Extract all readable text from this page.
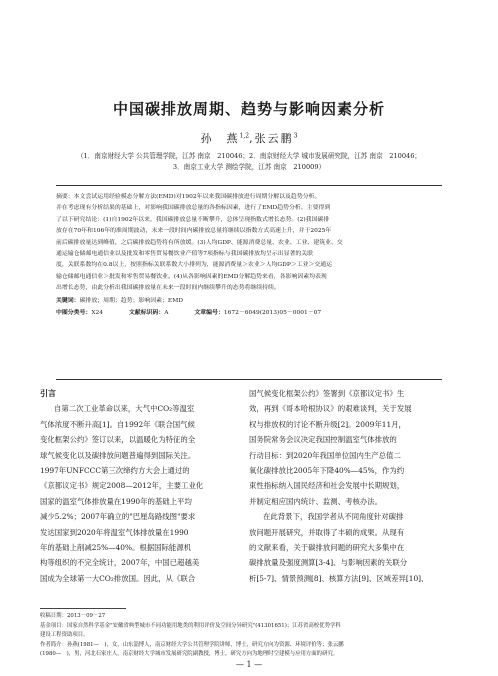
中国碳排放周期、趋势与影响因素分析
孙　燕$^{1,2}$,张云鹏$^3$
（1．南京财经大学 公共管理学院，江苏 南京　210046；2．南京财经大学 城市发展研究院，江苏 南京　210046；
3．南京工业大学 测绘学院，江苏 南京　210009）
摘要：本文尝试运用经验模态分解方法(EMD)对1902年以来我国碳排放进行周期分解以及趋势分析。
并在考虑现有分析结果的基础上，对影响我国碳排放总量的各指标因素，进行了EMD趋势分析。主要得到
了以下研究结论：(1)自1902年以来，我国碳排放总量不断攀升，总体呈现指数式增长态势。(2)我国碳排
放存在70年和106年的准周期波动，未来一段时间内碳排放总量将继续以指数方式高速上升，并于2025年
前后碳排放量达到峰值，之后碳排放趋势将有所放缓。(3)人均GDP、能源消费总量、农业、工业、建筑业、交
通运输仓储邮电通信业以及批发和零售贸易餐饮业产值等7项指标与我国碳排放均呈示出显著的关联
度，关联系数均在0.8以上，按照指标关联系数大小排列为，能源消费量＞农业＞人均GDP＞工业＞交通运
输仓储邮电通信业＞批发和零售贸易餐饮业。(4)从各影响因素的EMD分解趋势来看，各影响因素均表现
出增长态势，由此分析出我国碳排放量在未来一段时间内继续攀升的态势将继续持续。
关键词：碳排放；周期；趋势；影响因素；EMD
中图分类号：X24	文献标识码：A	文章编号：1672－6049(2013)05－0001－07
引言
自第二次工业革命以来，大气中CO₂等温室
气体浓度不断升高[1]。自1992年《联合国气候
变化框架公约》签订以来，以温暖化为特征的全
球气候变化以及碳排放问题普遍得到国际关注。
1997年UNFCCC第三次缔约方大会上通过的
《京都议定书》规定2008—2012年，主要工业化
国家的温室气体排放量在1990年的基础上平均
减少5.2%；2007年确立的"巴厘岛路线图"要求
发达国家到2020年将温室气体排放量在1990
年的基础上削减25%—40%。根据国际能源机
构等组织的不完全统计，2007年，中国已超越美
国成为全球第一大CO₂排放国。因此，从《联合
国气候变化框架公约》签署到《京都议定书》生
效，再到《哥本哈根协议》的艰难谈判，关于发展
权与排放权的讨论不断升级[2]。2009年11月，
国务院常务会议决定我国控制温室气体排放的
行动目标：到2020年我国单位国内生产总值二
氧化碳排放比2005年下降40%—45%，作为约
束性指标纳入国民经济和社会发展中长期规划，
并制定相应国内统计、监测、考核办法。
在此背景下，我国学者从不同角度针对碳排
放问题开展研究，并取得了丰硕的成果。从现有
的文献来看，关于碳排放问题的研究大多集中在
碳排放量及强度测算[3-4]、与影响因素的关联分
析[5-7]、情景预测[8]、核算方法[9]、区域差异[10]、
收稿日期：2013－09－27
基金项目：国家自然科学基金"安徽省典型城市不同功能用地类的利用评价及空间分异研究"(41301651)；江苏省高校优势学科
建设工程资助项目。
作者简介：孙燕(1981—　)，女，山东淄博人，南京财经大学公共管理学院讲师，博士，研究方向为资源、环境评价等；张云鹏
(1980—　)，男，河北石家庄人，南京财经大学城市发展研究院副教授，博士，研究方向为地理时空建模与应用方面的研究。
— 1 —
